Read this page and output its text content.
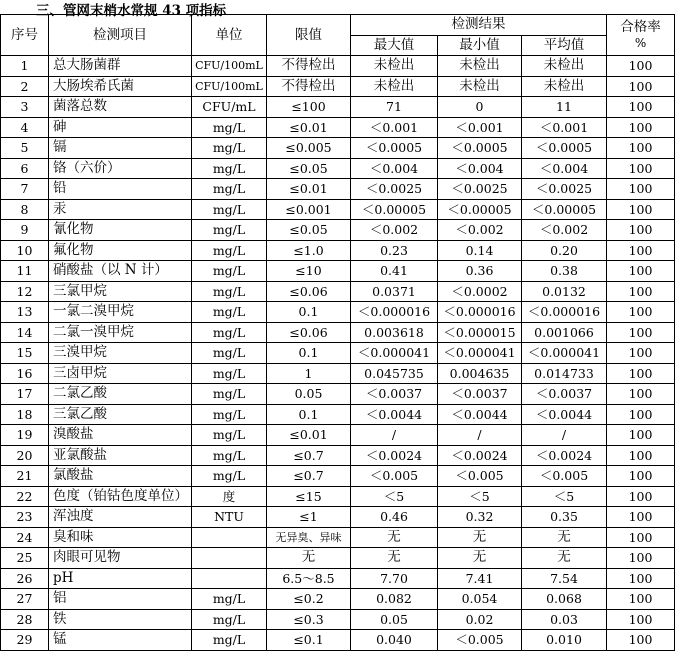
三、管网末梢水常规 43 项指标
序号	检测项目	单位	限值	检测结果			合格率
%
				最大值	最小值	平均值	
1	总大肠菌群	CFU/100mL	不得检出	未检出	未检出	未检出	100
2	大肠埃希氏菌	CFU/100mL	不得检出	未检出	未检出	未检出	100
3	菌落总数	CFU/mL	≤100	71	0	11	100
4	砷	mg/L	≤0.01	＜0.001	＜0.001	＜0.001	100
5	镉	mg/L	≤0.005	＜0.0005	＜0.0005	＜0.0005	100
6	铬（六价）	mg/L	≤0.05	＜0.004	＜0.004	＜0.004	100
7	铅	mg/L	≤0.01	＜0.0025	＜0.0025	＜0.0025	100
8	汞	mg/L	≤0.001	＜0.00005	＜0.00005	＜0.00005	100
9	氰化物	mg/L	≤0.05	＜0.002	＜0.002	＜0.002	100
10	氟化物	mg/L	≤1.0	0.23	0.14	0.20	100
11	硝酸盐（以 N 计）	mg/L	≤10	0.41	0.36	0.38	100
12	三氯甲烷	mg/L	≤0.06	0.0371	＜0.0002	0.0132	100
13	一氯二溴甲烷	mg/L	0.1	＜0.000016	＜0.000016	＜0.000016	100
14	二氯一溴甲烷	mg/L	≤0.06	0.003618	＜0.000015	0.001066	100
15	三溴甲烷	mg/L	0.1	＜0.000041	＜0.000041	＜0.000041	100
16	三卤甲烷	mg/L	1	0.045735	0.004635	0.014733	100
17	二氯乙酸	mg/L	0.05	＜0.0037	＜0.0037	＜0.0037	100
18	三氯乙酸	mg/L	0.1	＜0.0044	＜0.0044	＜0.0044	100
19	溴酸盐	mg/L	≤0.01	/	/	/	100
20	亚氯酸盐	mg/L	≤0.7	＜0.0024	＜0.0024	＜0.0024	100
21	氯酸盐	mg/L	≤0.7	＜0.005	＜0.005	＜0.005	100
22	色度（铂钴色度单位）	度	≤15	＜5	＜5	＜5	100
23	浑浊度	NTU	≤1	0.46	0.32	0.35	100
24	臭和味		无异臭、异味	无	无	无	100
25	肉眼可见物		无	无	无	无	100
26	pH		6.5～8.5	7.70	7.41	7.54	100
27	铝	mg/L	≤0.2	0.082	0.054	0.068	100
28	铁	mg/L	≤0.3	0.05	0.02	0.03	100
29	锰	mg/L	≤0.1	0.040	＜0.005	0.010	100
